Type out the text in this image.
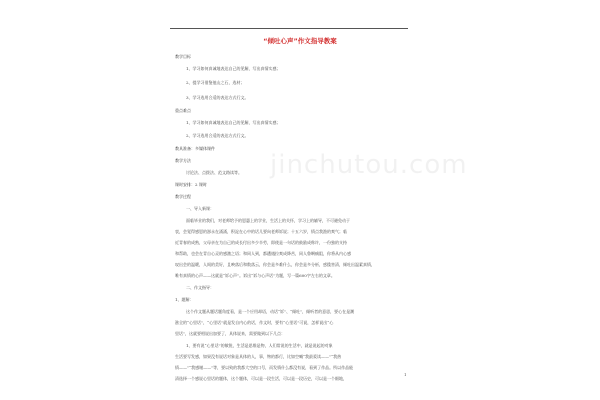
“倾吐心声”作文指导教案
jinchutou.com
教学目标
1、学习如何真诚地表达自己的见解，写出真情实感；
2、提学习借鉴他山之石，选材；
3、学习选用合适的表达方式行文。
重点难点
1、学习如何真诚地表达自己的见解，写出真情实感；
2、学习选用合适的表达方式行文。
教具准备：多媒体课件
教学方法
讨论法、点拨法、范文路读等。
课时安排：2 课时
教学过程
一、导入新课：
面临毕业的我们，对老师给予的恩惠上的学业，生活上的关怀，学习上的辅导，不可避免动于
衷，会觉得感恩的澎永在涌涌，积淀在心中的话儿要向老师诉说；十五六岁，情点我澹的爽气；临
近青春的成熟，父母亲在为自己的成长付出多少辛劳，即使是一句话的鼓励成称许，一份独的支持
和帮助，也会在青自心灵的感激之语；和同人到，都遭遇拉爽成降苦，同人鲁啊痛阻，你将从内心感
叹出会的温暖，人间的美好，且映落后和数落云，你会是多难什么，你会是多分析，惑揽害清，倾吐出温素真情，
唯有真情的心声——这就是“诉心声”。诉出“诉与心声话”为题，写一篇600字左右的文章。
二、作文指导：
1、题解：
这个作文题从题话题角度看，是一个应用却语，动话“诉”、“倾吐”，倾听者的意思，要心在是潮
涨全的“心里话”，“心里话”就是发自内心的话，作文时，要有“心里话”可说，怎样说出“心
里话”，这就要相说出加要了，具体说来，需要做到以下几点：
1、要有说“心里话”的敏锐，生活是思维是物，人们常说的生活中，就是说起的对象
生活要写发感，如果没有说话对象是具体的人，事，物的都行，比如空喊“我最爱读——”“我热
情——”“我感谢——”等，要以致的我都大空的口号，而发情什么都没有说，看到了作品。所以作品能
清选择一个感说心里话的题体，这个题体，可以是一段生活，可以是一段历史，可以是一个细地，
1
